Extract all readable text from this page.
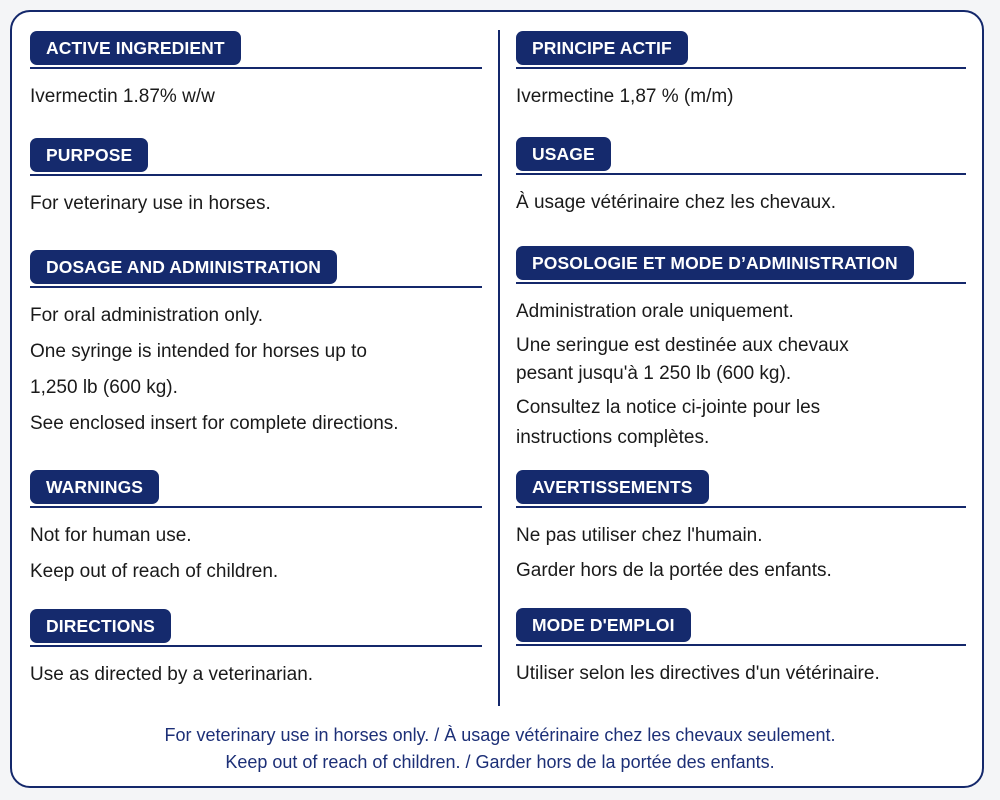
ACTIVE INGREDIENT
Ivermectin 1.87% w/w
PURPOSE
For veterinary use in horses.
DOSAGE AND ADMINISTRATION
For oral administration only.
One syringe is intended for horses up to
1,250 lb (600 kg).
See enclosed insert for complete directions.
WARNINGS
Not for human use.
Keep out of reach of children.
DIRECTIONS
Use as directed by a veterinarian.
PRINCIPE ACTIF
Ivermectine 1,87 % (m/m)
USAGE
À usage vétérinaire chez les chevaux.
POSOLOGIE ET MODE D’ADMINISTRATION
Administration orale uniquement.
Une seringue est destinée aux chevaux
pesant jusqu'à 1 250 lb (600 kg).
Consultez la notice ci-jointe pour les
instructions complètes.
AVERTISSEMENTS
Ne pas utiliser chez l'humain.
Garder hors de la portée des enfants.
MODE D'EMPLOI
Utiliser selon les directives d'un vétérinaire.
For veterinary use in horses only. / À usage vétérinaire chez les chevaux seulement.
Keep out of reach of children. / Garder hors de la portée des enfants.
